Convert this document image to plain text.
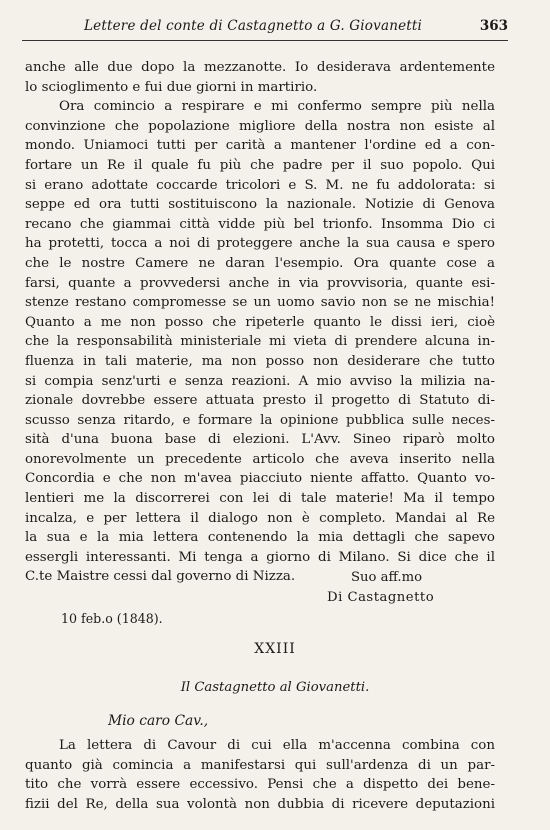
Lettere del conte di Castagnetto a G. Giovanetti	363
anche alle due dopo la mezzanotte. Io desiderava ardentemente
lo scioglimento e fui due giorni in martirio.
Ora comincio a respirare e mi confermo sempre più nella
convinzione che popolazione migliore della nostra non esiste al
mondo. Uniamoci tutti per carità a mantener l'ordine ed a con-
fortare un Re il quale fu più che padre per il suo popolo. Qui
si erano adottate coccarde tricolori e S. M. ne fu addolorata: si
seppe ed ora tutti sostituiscono la nazionale. Notizie di Genova
recano che giammai città vidde più bel trionfo. Insomma Dio ci
ha protetti, tocca a noi di proteggere anche la sua causa e spero
che le nostre Camere ne daran l'esempio. Ora quante cose a
farsi, quante a provvedersi anche in via provvisoria, quante esi-
stenze restano compromesse se un uomo savio non se ne mischia!
Quanto a me non posso che ripeterle quanto le dissi ieri, cioè
che la responsabilità ministeriale mi vieta di prendere alcuna in-
fluenza in tali materie, ma non posso non desiderare che tutto
si compia senz'urti e senza reazioni. A mio avviso la milizia na-
zionale dovrebbe essere attuata presto il progetto di Statuto di-
scusso senza ritardo, e formare la opinione pubblica sulle neces-
sità d'una buona base di elezioni. L'Avv. Sineo riparò molto
onorevolmente un precedente articolo che aveva inserito nella
Concordia e che non m'avea piacciuto niente affatto. Quanto vo-
lentieri me la discorrerei con lei di tale materie! Ma il tempo
incalza, e per lettera il dialogo non è completo. Mandai al Re
la sua e la mia lettera contenendo la mia dettagli che sapevo
essergli interessanti. Mi tenga a giorno di Milano. Si dice che il
C.te Maistre cessi dal governo di Nizza.	Suo aff.mo
Di Castagnetto
10 feb.o (1848).
XXIII
Il Castagnetto al Giovanetti.
Mio caro Cav.,
La lettera di Cavour di cui ella m'accenna combina con
quanto già comincia a manifestarsi qui sull'ardenza di un par-
tito che vorrà essere eccessivo. Pensi che a dispetto dei bene-
fizii del Re, della sua volontà non dubbia di ricevere deputazioni
